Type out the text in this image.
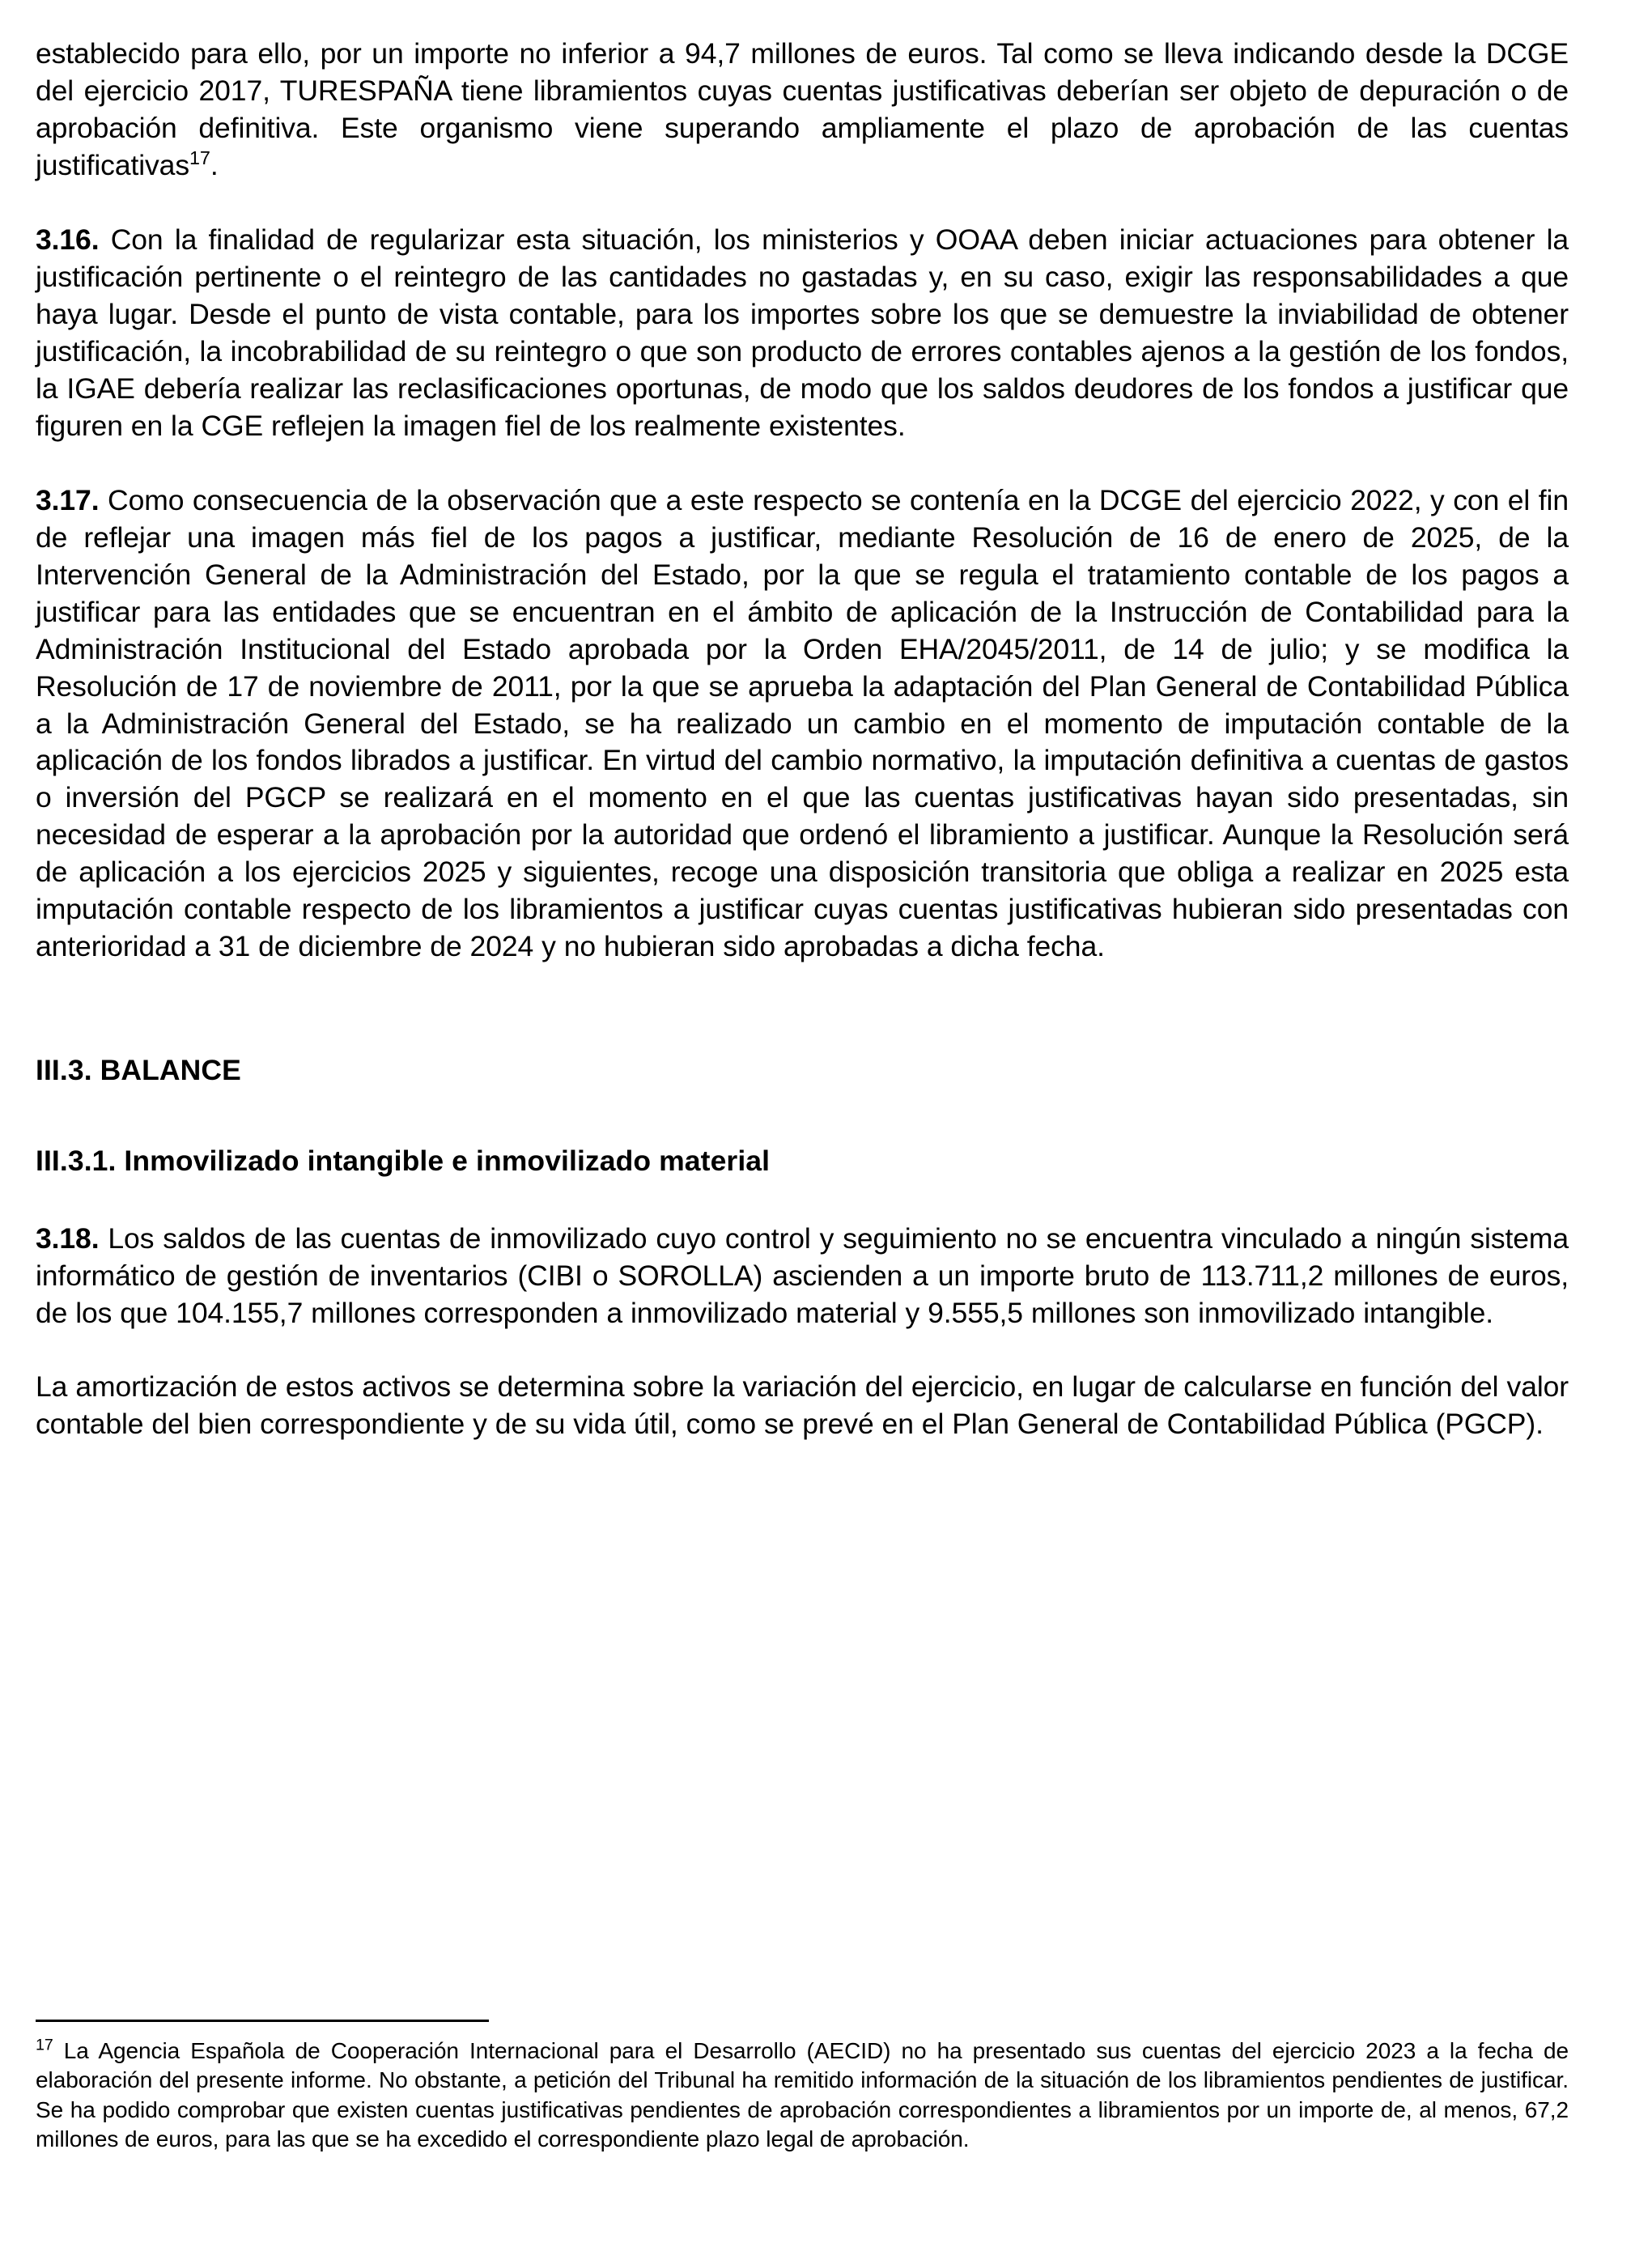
establecido para ello, por un importe no inferior a 94,7 millones de euros. Tal como se lleva indicando desde la DCGE del ejercicio 2017, TURESPAÑA tiene libramientos cuyas cuentas justificativas deberían ser objeto de depuración o de aprobación definitiva. Este organismo viene superando ampliamente el plazo de aprobación de las cuentas justificativas$^{17}$.

3.16. Con la finalidad de regularizar esta situación, los ministerios y OOAA deben iniciar actuaciones para obtener la justificación pertinente o el reintegro de las cantidades no gastadas y, en su caso, exigir las responsabilidades a que haya lugar. Desde el punto de vista contable, para los importes sobre los que se demuestre la inviabilidad de obtener justificación, la incobrabilidad de su reintegro o que son producto de errores contables ajenos a la gestión de los fondos, la IGAE debería realizar las reclasificaciones oportunas, de modo que los saldos deudores de los fondos a justificar que figuren en la CGE reflejen la imagen fiel de los realmente existentes.

3.17. Como consecuencia de la observación que a este respecto se contenía en la DCGE del ejercicio 2022, y con el fin de reflejar una imagen más fiel de los pagos a justificar, mediante Resolución de 16 de enero de 2025, de la Intervención General de la Administración del Estado, por la que se regula el tratamiento contable de los pagos a justificar para las entidades que se encuentran en el ámbito de aplicación de la Instrucción de Contabilidad para la Administración Institucional del Estado aprobada por la Orden EHA/2045/2011, de 14 de julio; y se modifica la Resolución de 17 de noviembre de 2011, por la que se aprueba la adaptación del Plan General de Contabilidad Pública a la Administración General del Estado, se ha realizado un cambio en el momento de imputación contable de la aplicación de los fondos librados a justificar. En virtud del cambio normativo, la imputación definitiva a cuentas de gastos o inversión del PGCP se realizará en el momento en el que las cuentas justificativas hayan sido presentadas, sin necesidad de esperar a la aprobación por la autoridad que ordenó el libramiento a justificar. Aunque la Resolución será de aplicación a los ejercicios 2025 y siguientes, recoge una disposición transitoria que obliga a realizar en 2025 esta imputación contable respecto de los libramientos a justificar cuyas cuentas justificativas hubieran sido presentadas con anterioridad a 31 de diciembre de 2024 y no hubieran sido aprobadas a dicha fecha.

III.3. BALANCE
III.3.1. Inmovilizado intangible e inmovilizado material

3.18. Los saldos de las cuentas de inmovilizado cuyo control y seguimiento no se encuentra vinculado a ningún sistema informático de gestión de inventarios (CIBI o SOROLLA) ascienden a un importe bruto de 113.711,2 millones de euros, de los que 104.155,7 millones corresponden a inmovilizado material y 9.555,5 millones son inmovilizado intangible.

La amortización de estos activos se determina sobre la variación del ejercicio, en lugar de calcularse en función del valor contable del bien correspondiente y de su vida útil, como se prevé en el Plan General de Contabilidad Pública (PGCP).

$^{17}$ La Agencia Española de Cooperación Internacional para el Desarrollo (AECID) no ha presentado sus cuentas del ejercicio 2023 a la fecha de elaboración del presente informe. No obstante, a petición del Tribunal ha remitido información de la situación de los libramientos pendientes de justificar. Se ha podido comprobar que existen cuentas justificativas pendientes de aprobación correspondientes a libramientos por un importe de, al menos, 67,2 millones de euros, para las que se ha excedido el correspondiente plazo legal de aprobación.
